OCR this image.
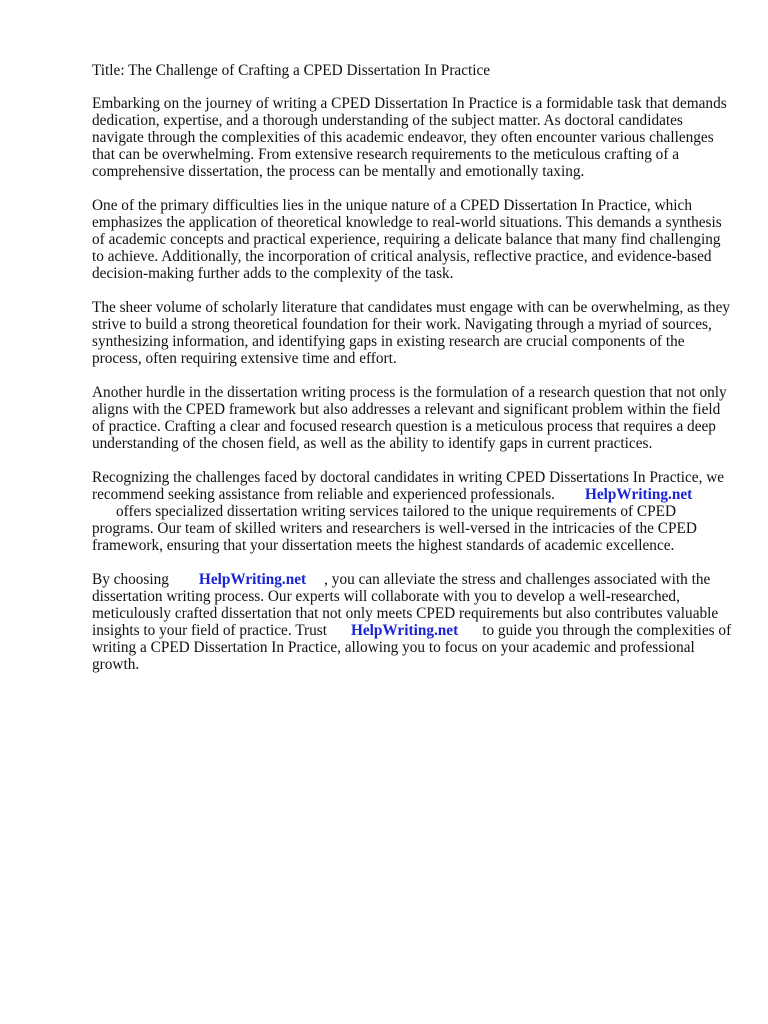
Title: The Challenge of Crafting a CPED Dissertation In Practice

Embarking on the journey of writing a CPED Dissertation In Practice is a formidable task that demands dedication, expertise, and a thorough understanding of the subject matter. As doctoral candidates navigate through the complexities of this academic endeavor, they often encounter various challenges that can be overwhelming. From extensive research requirements to the meticulous crafting of a comprehensive dissertation, the process can be mentally and emotionally taxing.

One of the primary difficulties lies in the unique nature of a CPED Dissertation In Practice, which emphasizes the application of theoretical knowledge to real-world situations. This demands a synthesis of academic concepts and practical experience, requiring a delicate balance that many find challenging to achieve. Additionally, the incorporation of critical analysis, reflective practice, and evidence-based decision-making further adds to the complexity of the task.

The sheer volume of scholarly literature that candidates must engage with can be overwhelming, as they strive to build a strong theoretical foundation for their work. Navigating through a myriad of sources, synthesizing information, and identifying gaps in existing research are crucial components of the process, often requiring extensive time and effort.

Another hurdle in the dissertation writing process is the formulation of a research question that not only aligns with the CPED framework but also addresses a relevant and significant problem within the field of practice. Crafting a clear and focused research question is a meticulous process that requires a deep understanding of the chosen field, as well as the ability to identify gaps in current practices.

Recognizing the challenges faced by doctoral candidates in writing CPED Dissertations In Practice, we recommend seeking assistance from reliable and experienced professionals. HelpWriting.net
offers specialized dissertation writing services tailored to the unique requirements of CPED programs. Our team of skilled writers and researchers is well-versed in the intricacies of the CPED framework, ensuring that your dissertation meets the highest standards of academic excellence.

By choosing HelpWriting.net , you can alleviate the stress and challenges associated with the dissertation writing process. Our experts will collaborate with you to develop a well-researched, meticulously crafted dissertation that not only meets CPED requirements but also contributes valuable insights to your field of practice. Trust HelpWriting.net to guide you through the complexities of writing a CPED Dissertation In Practice, allowing you to focus on your academic and professional growth.
